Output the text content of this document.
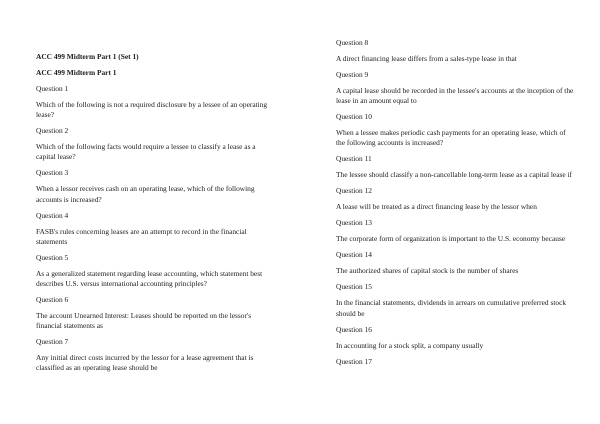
ACC 499 Midterm Part 1 (Set 1)

ACC 499 Midterm Part 1

Question 1

Which of the following is not a required disclosure by a lessee of an operating lease?

Question 2

Which of the following facts would require a lessee to classify a lease as a capital lease?

Question 3

When a lessor receives cash on an operating lease, which of the following accounts is increased?

Question 4

FASB's rules concerning leases are an attempt to record in the financial statements

Question 5

As a generalized statement regarding lease accounting, which statement best describes U.S. versus international accounting principles?

Question 6

The account Unearned Interest: Leases should be reported on the lessor's financial statements as

Question 7

Any initial direct costs incurred by the lessor for a lease agreement that is classified as an operating lease should be

Question 8

A direct financing lease differs from a sales-type lease in that

Question 9

A capital lease should be recorded in the lessee's accounts at the inception of the lease in an amount equal to

Question 10

When a lessee makes periodic cash payments for an operating lease, which of the following accounts is increased?

Question 11

The lessee should classify a non-cancellable long-term lease as a capital lease if

Question 12

A lease will be treated as a direct financing lease by the lessor when

Question 13

The corporate form of organization is important to the U.S. economy because

Question 14

The authorized shares of capital stock is the number of shares

Question 15

In the financial statements, dividends in arrears on cumulative preferred stock should be

Question 16

In accounting for a stock split, a company usually

Question 17
